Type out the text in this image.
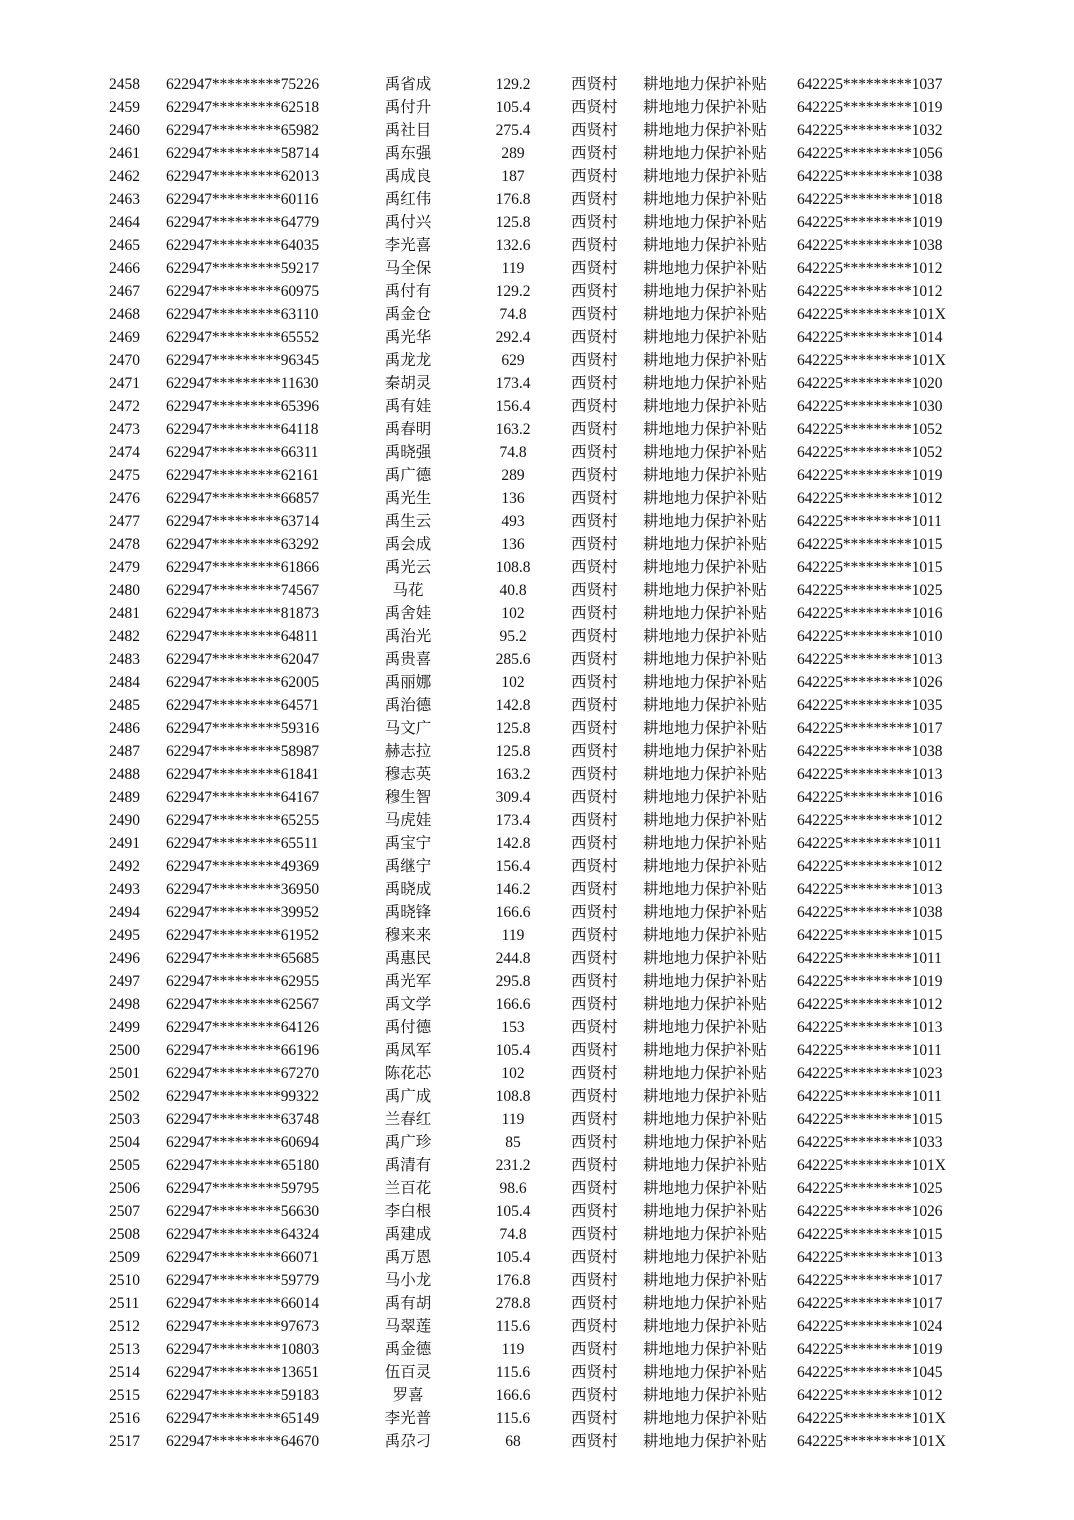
2458 622947*********75226	禹省成	129.2	西贤村 耕地地力保护补贴 642225*********1037
2459 622947*********62518	禹付升	105.4	西贤村 耕地地力保护补贴 642225*********1019
2460 622947*********65982	禹社目	275.4	西贤村 耕地地力保护补贴 642225*********1032
2461 622947*********58714	禹东强	289	西贤村 耕地地力保护补贴 642225*********1056
2462 622947*********62013	禹成良	187	西贤村 耕地地力保护补贴 642225*********1038
2463 622947*********60116	禹红伟	176.8	西贤村 耕地地力保护补贴 642225*********1018
2464 622947*********64779	禹付兴	125.8	西贤村 耕地地力保护补贴 642225*********1019
2465 622947*********64035	李光喜	132.6	西贤村 耕地地力保护补贴 642225*********1038
2466 622947*********59217	马全保	119	西贤村 耕地地力保护补贴 642225*********1012
2467 622947*********60975	禹付有	129.2	西贤村 耕地地力保护补贴 642225*********1012
2468 622947*********63110	禹金仓	74.8	西贤村 耕地地力保护补贴 642225*********101X
2469 622947*********65552	禹光华	292.4	西贤村 耕地地力保护补贴 642225*********1014
2470 622947*********96345	禹龙龙	629	西贤村 耕地地力保护补贴 642225*********101X
2471 622947*********11630	秦胡灵	173.4	西贤村 耕地地力保护补贴 642225*********1020
2472 622947*********65396	禹有娃	156.4	西贤村 耕地地力保护补贴 642225*********1030
2473 622947*********64118	禹春明	163.2	西贤村 耕地地力保护补贴 642225*********1052
2474 622947*********66311	禹晓强	74.8	西贤村 耕地地力保护补贴 642225*********1052
2475 622947*********62161	禹广德	289	西贤村 耕地地力保护补贴 642225*********1019
2476 622947*********66857	禹光生	136	西贤村 耕地地力保护补贴 642225*********1012
2477 622947*********63714	禹生云	493	西贤村 耕地地力保护补贴 642225*********1011
2478 622947*********63292	禹会成	136	西贤村 耕地地力保护补贴 642225*********1015
2479 622947*********61866	禹光云	108.8	西贤村 耕地地力保护补贴 642225*********1015
2480 622947*********74567	马花	40.8	西贤村 耕地地力保护补贴 642225*********1025
2481 622947*********81873	禹舍娃	102	西贤村 耕地地力保护补贴 642225*********1016
2482 622947*********64811	禹治光	95.2	西贤村 耕地地力保护补贴 642225*********1010
2483 622947*********62047	禹贵喜	285.6	西贤村 耕地地力保护补贴 642225*********1013
2484 622947*********62005	禹丽娜	102	西贤村 耕地地力保护补贴 642225*********1026
2485 622947*********64571	禹治德	142.8	西贤村 耕地地力保护补贴 642225*********1035
2486 622947*********59316	马文广	125.8	西贤村 耕地地力保护补贴 642225*********1017
2487 622947*********58987	赫志拉	125.8	西贤村 耕地地力保护补贴 642225*********1038
2488 622947*********61841	穆志英	163.2	西贤村 耕地地力保护补贴 642225*********1013
2489 622947*********64167	穆生智	309.4	西贤村 耕地地力保护补贴 642225*********1016
2490 622947*********65255	马虎娃	173.4	西贤村 耕地地力保护补贴 642225*********1012
2491 622947*********65511	禹宝宁	142.8	西贤村 耕地地力保护补贴 642225*********1011
2492 622947*********49369	禹继宁	156.4	西贤村 耕地地力保护补贴 642225*********1012
2493 622947*********36950	禹晓成	146.2	西贤村 耕地地力保护补贴 642225*********1013
2494 622947*********39952	禹晓锋	166.6	西贤村 耕地地力保护补贴 642225*********1038
2495 622947*********61952	穆来来	119	西贤村 耕地地力保护补贴 642225*********1015
2496 622947*********65685	禹惠民	244.8	西贤村 耕地地力保护补贴 642225*********1011
2497 622947*********62955	禹光军	295.8	西贤村 耕地地力保护补贴 642225*********1019
2498 622947*********62567	禹文学	166.6	西贤村 耕地地力保护补贴 642225*********1012
2499 622947*********64126	禹付德	153	西贤村 耕地地力保护补贴 642225*********1013
2500 622947*********66196	禹凤军	105.4	西贤村 耕地地力保护补贴 642225*********1011
2501 622947*********67270	陈花芯	102	西贤村 耕地地力保护补贴 642225*********1023
2502 622947*********99322	禹广成	108.8	西贤村 耕地地力保护补贴 642225*********1011
2503 622947*********63748	兰春红	119	西贤村 耕地地力保护补贴 642225*********1015
2504 622947*********60694	禹广珍	85	西贤村 耕地地力保护补贴 642225*********1033
2505 622947*********65180	禹清有	231.2	西贤村 耕地地力保护补贴 642225*********101X
2506 622947*********59795	兰百花	98.6	西贤村 耕地地力保护补贴 642225*********1025
2507 622947*********56630	李白根	105.4	西贤村 耕地地力保护补贴 642225*********1026
2508 622947*********64324	禹建成	74.8	西贤村 耕地地力保护补贴 642225*********1015
2509 622947*********66071	禹万恩	105.4	西贤村 耕地地力保护补贴 642225*********1013
2510 622947*********59779	马小龙	176.8	西贤村 耕地地力保护补贴 642225*********1017
2511 622947*********66014	禹有胡	278.8	西贤村 耕地地力保护补贴 642225*********1017
2512 622947*********97673	马翠莲	115.6	西贤村 耕地地力保护补贴 642225*********1024
2513 622947*********10803	禹金德	119	西贤村 耕地地力保护补贴 642225*********1019
2514 622947*********13651	伍百灵	115.6	西贤村 耕地地力保护补贴 642225*********1045
2515 622947*********59183	罗喜	166.6	西贤村 耕地地力保护补贴 642225*********1012
2516 622947*********65149	李光普	115.6	西贤村 耕地地力保护补贴 642225*********101X
2517 622947*********64670	禹尕刁	68	西贤村 耕地地力保护补贴 642225*********101X
